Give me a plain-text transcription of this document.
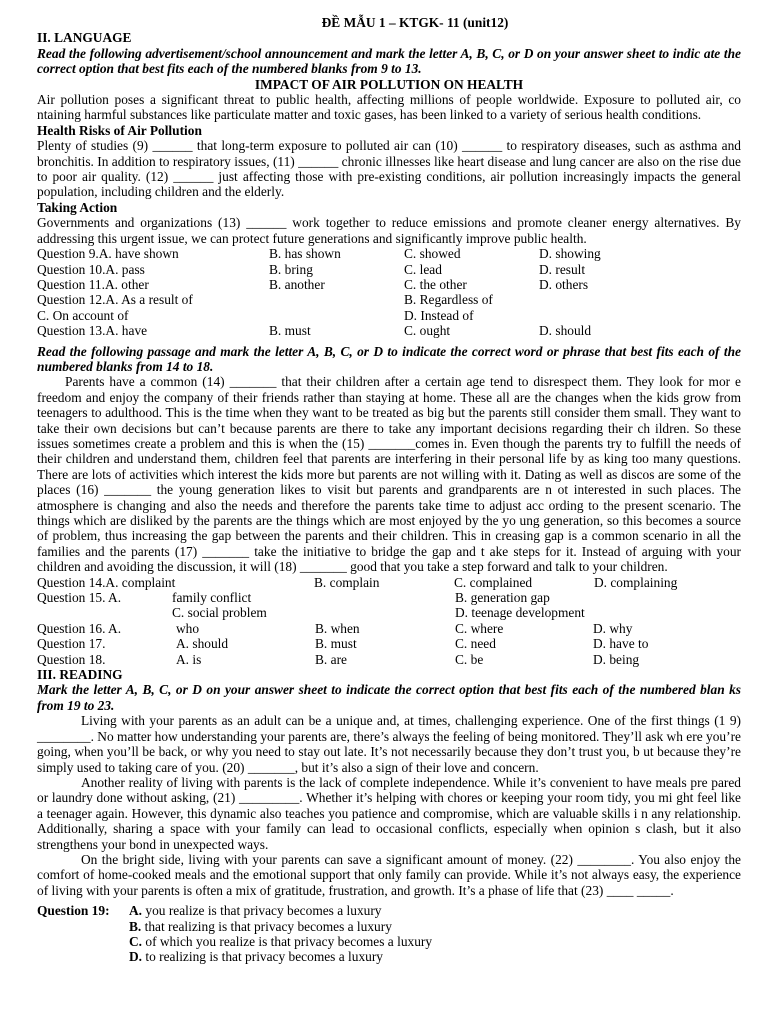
ĐỀ MẪU 1 – KTGK- 11 (unit12)
II. LANGUAGE

Read the following advertisement/school announcement and mark the letter A, B, C, or D on your answer sheet to indic ate the correct option that best fits each of the numbered blanks from 9 to 13.

IMPACT OF AIR POLLUTION ON HEALTH

Air pollution poses a significant threat to public health, affecting millions of people worldwide. Exposure to polluted air, co ntaining harmful substances like particulate matter and toxic gases, has been linked to a variety of serious health conditions.

Health Risks of Air Pollution

Plenty of studies (9) ______ that long-term exposure to polluted air can (10) ______ to respiratory diseases, such as asthma and bronchitis. In addition to respiratory issues, (11) ______ chronic illnesses like heart disease and lung cancer are also on the rise due to poor air quality. (12) ______ just affecting those with pre-existing conditions, air pollution increasingly impacts the general population, including children and the elderly.

Taking Action

Governments and organizations (13) ______ work together to reduce emissions and promote cleaner energy alternatives. By addressing this urgent issue, we can protect future generations and significantly improve public health.

Question 9.A. have shown	B. has shown	C. showed	D. showing
Question 10.A. pass	B. bring	C. lead	D. result
Question 11.A. other	B. another	C. the other	D. others
Question 12.A. As a result of		B. Regardless of	
C. On account of		D. Instead of	
Question 13.A. have	B. must	C. ought	D. should

Read the following passage and mark the letter A, B, C, or D to indicate the correct word or phrase that best fits each of the numbered blanks from 14 to 18.

Parents have a common (14) _______ that their children after a certain age tend to disrespect them. They look for mor e freedom and enjoy the company of their friends rather than staying at home. These all are the changes when the kids grow from teenagers to adulthood. This is the time when they want to be treated as big but the parents still consider them small. They want to take their own decisions but can’t because parents are there to take any important decisions regarding their ch ildren. So these issues sometimes create a problem and this is when the (15) _______comes in. Even though the parents try to fulfill the needs of their children and understand them, children feel that parents are interfering in their personal life by as king too many questions. There are lots of activities which interest the kids more but parents are not willing with it. Dating as well as discos are some of the places (16) _______ the young generation likes to visit but parents and grandparents are n ot interested in such places. The atmosphere is changing and also the needs and therefore the parents take time to adjust acc ording to the present scenario. The things which are disliked by the parents are the things which are most enjoyed by the yo ung generation, so this becomes a source of problem, thus increasing the gap between the parents and their children. This in creasing gap is a common scenario in all the families and the parents (17) _______ take the initiative to bridge the gap and t ake steps for it. Instead of arguing with your children and avoiding the discussion, it will (18) _______ good that you take a step forward and talk to your children.

Question 14.A. complaint	B. complain	C. complained	D. complaining
Question 15. A.	family conflict	B. generation gap
	C. social problem	D. teenage development
Question 16. A.	who	B. when	C. where	D. why
Question 17.	A. should	B. must	C. need	D. have to
Question 18.	A. is	B. are	C. be	D. being
III. READING

Mark the letter A, B, C, or D on your answer sheet to indicate the correct option that best fits each of the numbered blan ks from 19 to 23.

Living with your parents as an adult can be a unique and, at times, challenging experience. One of the first things (1 9) ________. No matter how understanding your parents are, there’s always the feeling of being monitored. They’ll ask wh ere you’re going, when you’ll be back, or why you need to stay out late. It’s not necessarily because they don’t trust you, b ut because they’re simply used to taking care of you. (20) _______, but it’s also a sign of their love and concern.

Another reality of living with parents is the lack of complete independence. While it’s convenient to have meals pre pared or laundry done without asking, (21) _________. Whether it’s helping with chores or keeping your room tidy, you mi ght feel like a teenager again. However, this dynamic also teaches you patience and compromise, which are valuable skills i n any relationship. Additionally, sharing a space with your family can lead to occasional conflicts, especially when opinion s clash, but it also strengthens your bond in unexpected ways.

On the bright side, living with your parents can save a significant amount of money. (22) ________. You also enjoy the comfort of home-cooked meals and the emotional support that only family can provide. While it’s not always easy, the experience of living with your parents is often a mix of gratitude, frustration, and growth. It’s a phase of life that (23) ____ _____.

Question 19:	A. you realize is that privacy becomes a luxury
B. that realizing is that privacy becomes a luxury
C. of which you realize is that privacy becomes a luxury
D. to realizing is that privacy becomes a luxury
